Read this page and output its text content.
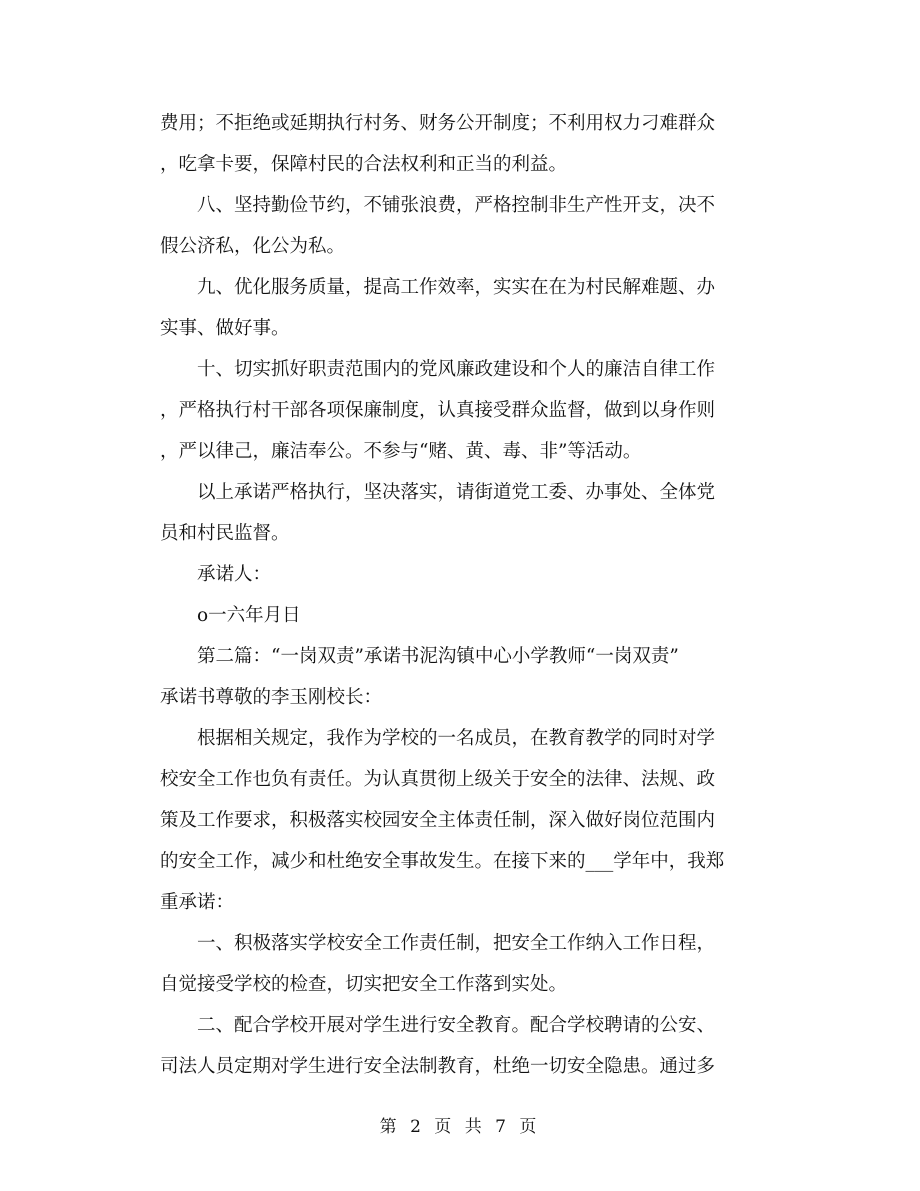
费用；不拒绝或延期执行村务、财务公开制度；不利用权力刁难群众
，吃拿卡要，保障村民的合法权利和正当的利益。
八、坚持勤俭节约，不铺张浪费，严格控制非生产性开支，决不
假公济私，化公为私。
九、优化服务质量，提高工作效率，实实在在为村民解难题、办
实事、做好事。
十、切实抓好职责范围内的党风廉政建设和个人的廉洁自律工作
，严格执行村干部各项保廉制度，认真接受群众监督，做到以身作则
，严以律己，廉洁奉公。不参与“赌、黄、毒、非”等活动。
以上承诺严格执行，坚决落实，请街道党工委、办事处、全体党
员和村民监督。
承诺人：
o一六年月日
第二篇：“一岗双责”承诺书泥沟镇中心小学教师“一岗双责”
承诺书尊敬的李玉刚校长：
根据相关规定，我作为学校的一名成员，在教育教学的同时对学
校安全工作也负有责任。为认真贯彻上级关于安全的法律、法规、政
策及工作要求，积极落实校园安全主体责任制，深入做好岗位范围内
的安全工作，减少和杜绝安全事故发生。在接下来的___学年中，我郑
重承诺：
一、积极落实学校安全工作责任制，把安全工作纳入工作日程，
自觉接受学校的检查，切实把安全工作落到实处。
二、配合学校开展对学生进行安全教育。配合学校聘请的公安、
司法人员定期对学生进行安全法制教育，杜绝一切安全隐患。通过多
第 2 页 共 7 页
